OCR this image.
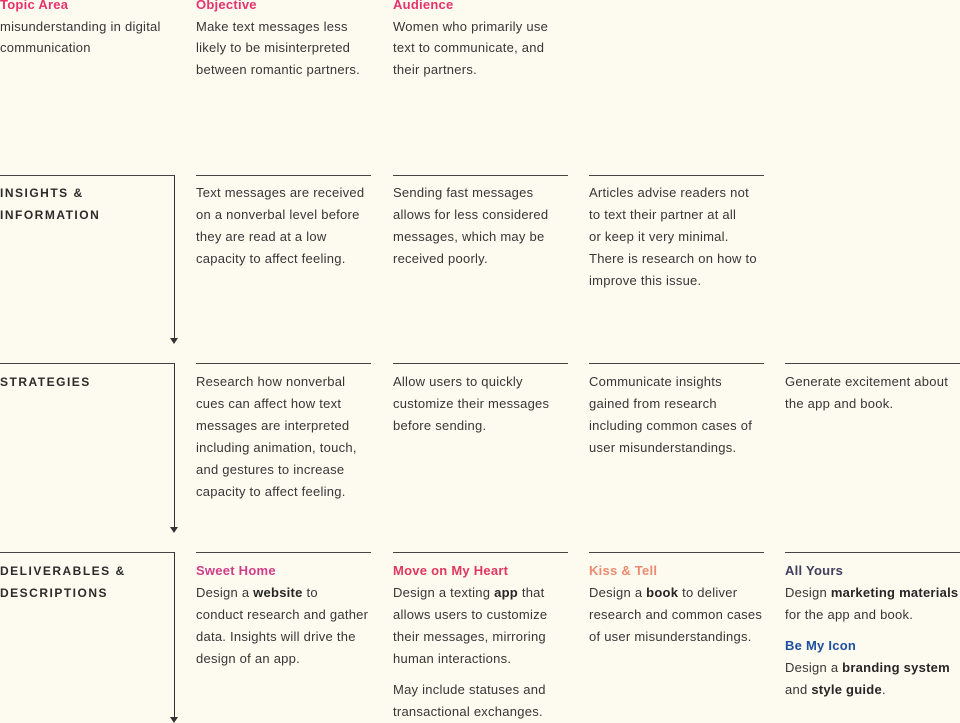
Topic Area
misunderstanding in digital
communication
Objective
Make text messages less
likely to be misinterpreted
between romantic partners.
Audience
Women who primarily use
text to communicate, and
their partners.
INSIGHTS &
INFORMATION
Text messages are received
on a nonverbal level before
they are read at a low
capacity to affect feeling.
Sending fast messages
allows for less considered
messages, which may be
received poorly.
Articles advise readers not
to text their partner at all
or keep it very minimal.
There is research on how to
improve this issue.
STRATEGIES	Research how nonverbal
cues can affect how text
messages are interpreted
including animation, touch,
and gestures to increase
capacity to affect feeling.
Allow users to quickly
customize their messages
before sending.
Communicate insights
gained from research
including common cases of
user misunderstandings.
Generate excitement about
the app and book.
DELIVERABLES &
DESCRIPTIONS
Sweet Home
Design a website to
conduct research and gather
data. Insights will drive the
design of an app.
Move on My Heart
Design a texting app that
allows users to customize
their messages, mirroring
human interactions.
May include statuses and
transactional exchanges.
Kiss & Tell
Design a book to deliver
research and common cases
of user misunderstandings.
All Yours
Design marketing materials
for the app and book.
Be My Icon
Design a branding system
and style guide.
